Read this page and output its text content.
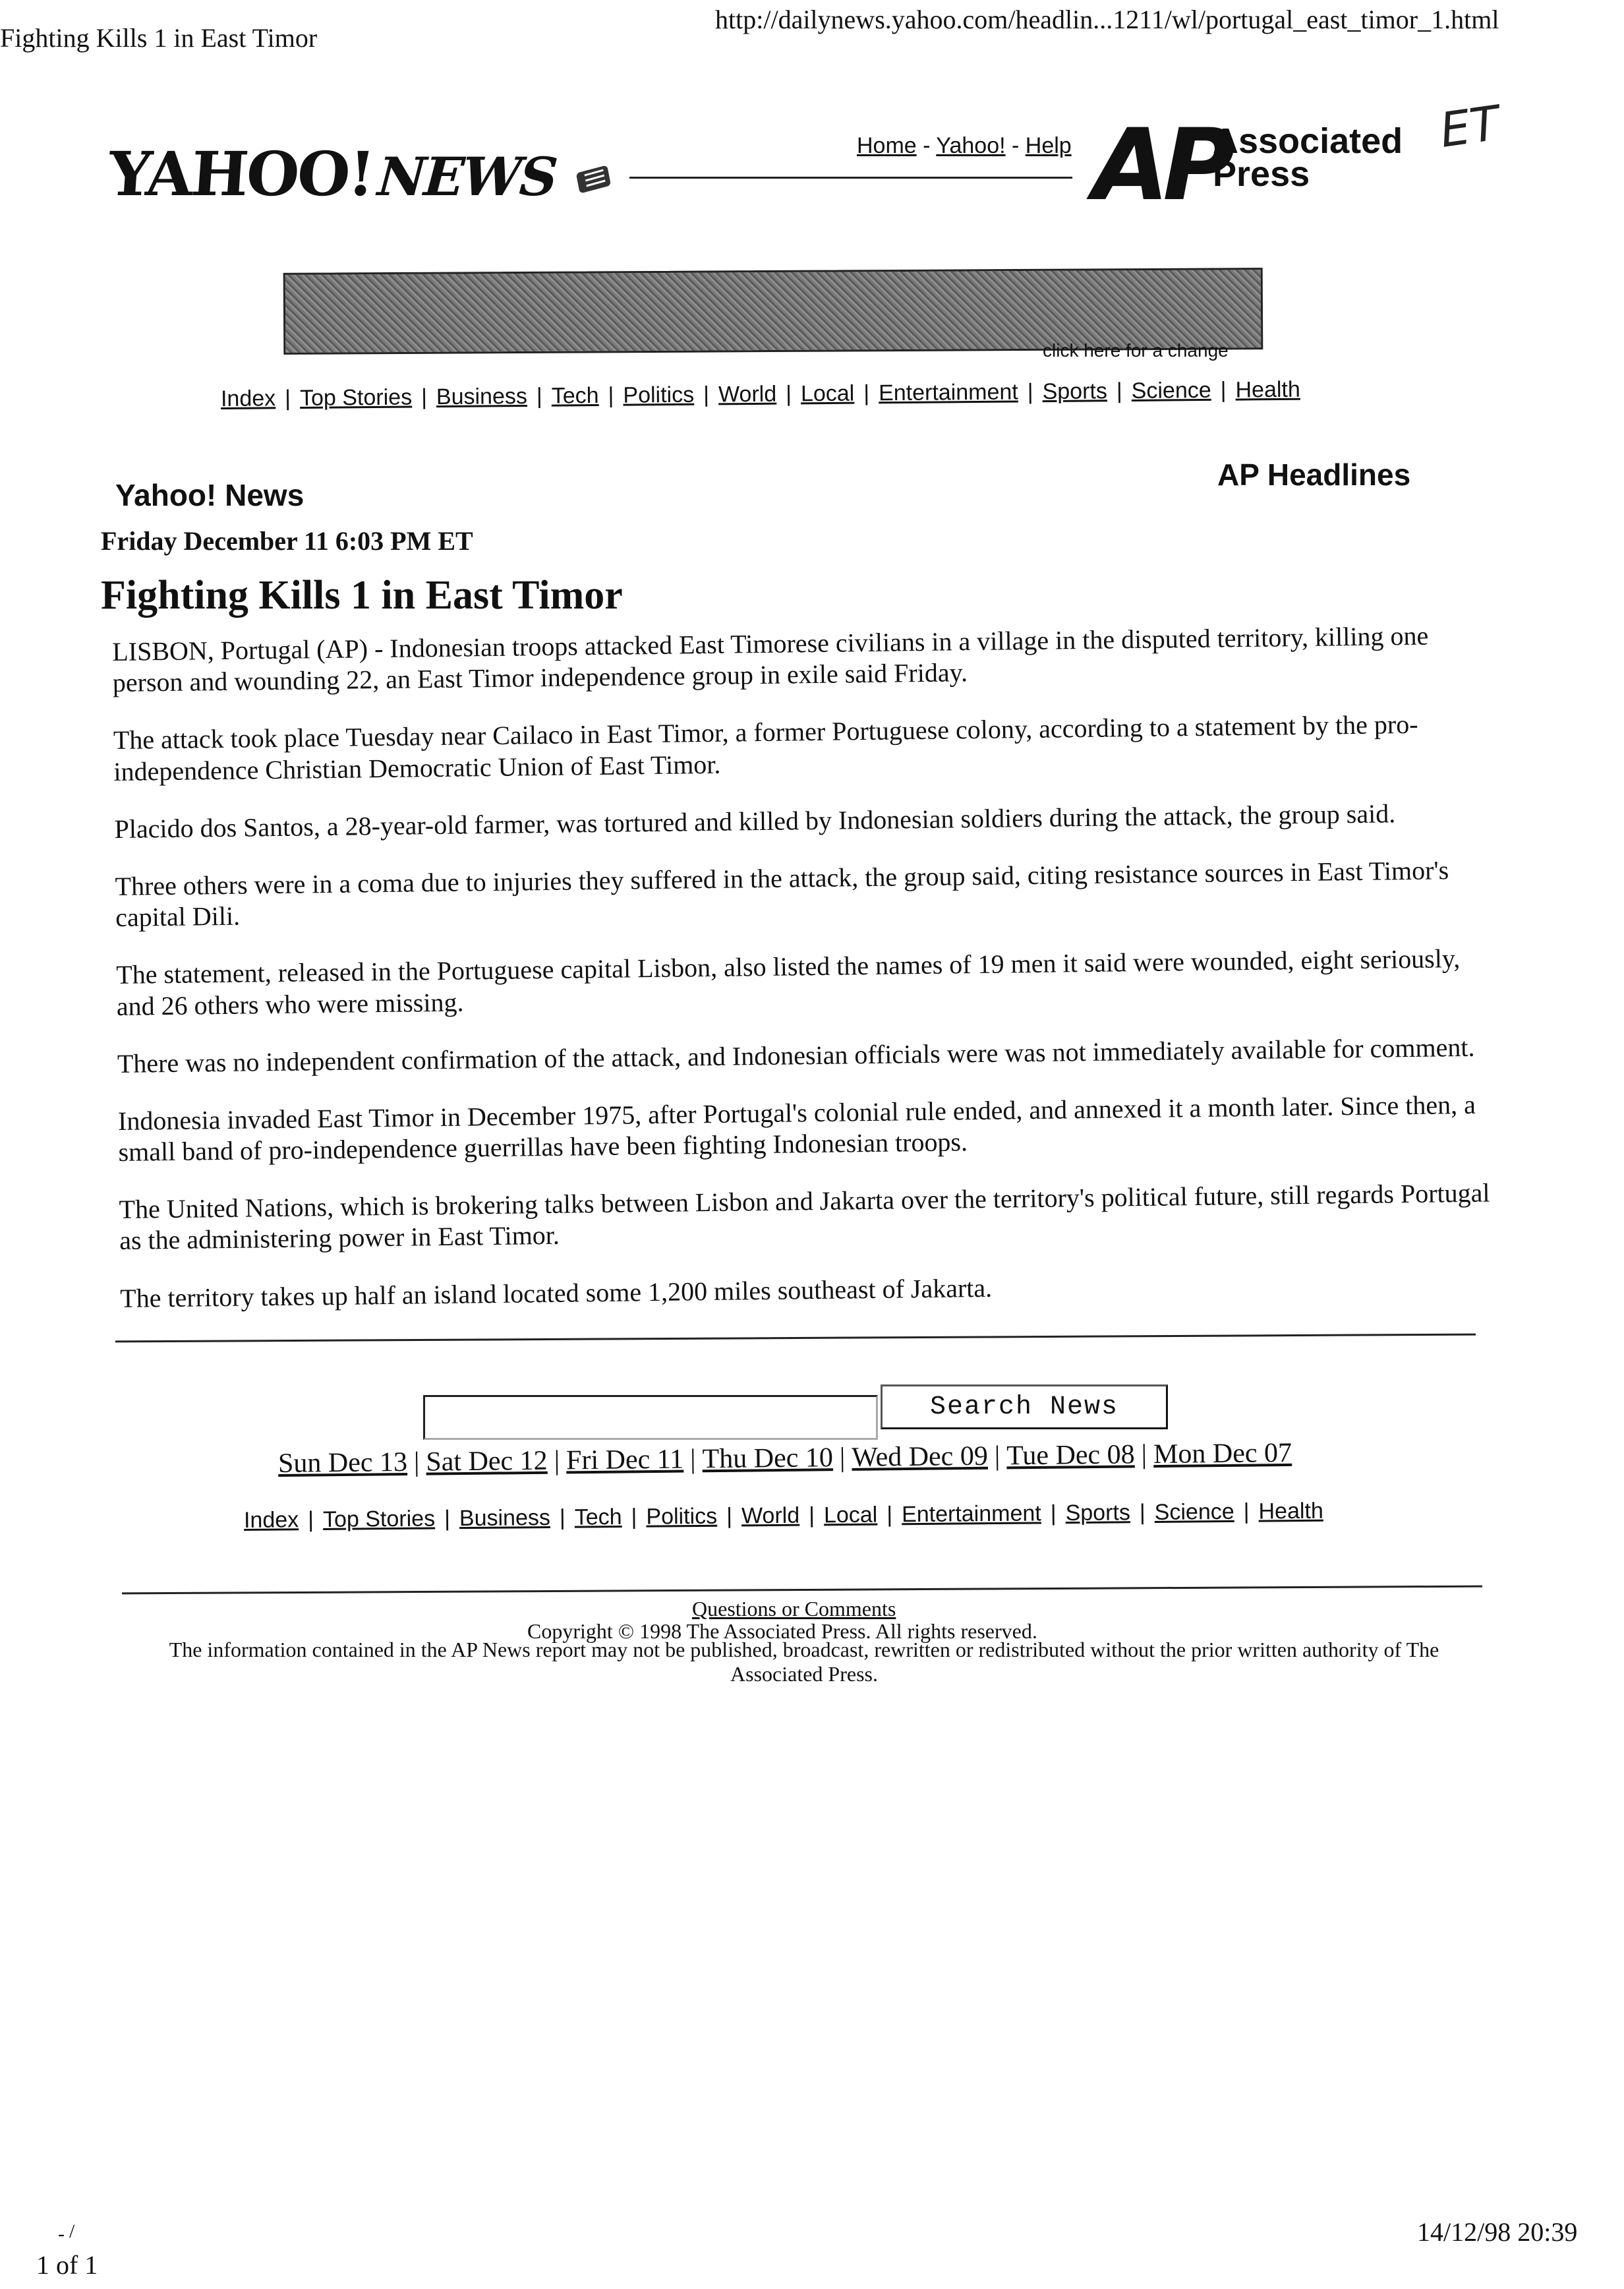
Fighting Kills 1 in East Timor
http://dailynews.yahoo.com/headlin...1211/wl/portugal_east_timor_1.html
YAHOO!NEWS	Home - Yahoo! - Help AP
Associated
Press
ET
click here for a change
Index | Top Stories | Business | Tech | Politics | World | Local | Entertainment | Sports | Science | Health
Yahoo! News
AP Headlines
Friday December 11 6:03 PM ET
Fighting Kills 1 in East Timor

LISBON, Portugal (AP) - Indonesian troops attacked East Timorese civilians in a village in the disputed territory, killing one person and wounding 22, an East Timor independence group in exile said Friday.

The attack took place Tuesday near Cailaco in East Timor, a former Portuguese colony, according to a statement by the pro-independence Christian Democratic Union of East Timor.

Placido dos Santos, a 28-year-old farmer, was tortured and killed by Indonesian soldiers during the attack, the group said.

Three others were in a coma due to injuries they suffered in the attack, the group said, citing resistance sources in East Timor's capital Dili.

The statement, released in the Portuguese capital Lisbon, also listed the names of 19 men it said were wounded, eight seriously, and 26 others who were missing.

There was no independent confirmation of the attack, and Indonesian officials were was not immediately available for comment.

Indonesia invaded East Timor in December 1975, after Portugal's colonial rule ended, and annexed it a month later. Since then, a small band of pro-independence guerrillas have been fighting Indonesian troops.

The United Nations, which is brokering talks between Lisbon and Jakarta over the territory's political future, still regards Portugal as the administering power in East Timor.

The territory takes up half an island located some 1,200 miles southeast of Jakarta.

Search News
Sun Dec 13 | Sat Dec 12 | Fri Dec 11 | Thu Dec 10 | Wed Dec 09 | Tue Dec 08 | Mon Dec 07
Index | Top Stories | Business | Tech | Politics | World | Local | Entertainment | Sports | Science | Health
Questions or Comments
Copyright © 1998 The Associated Press. All rights reserved.
The information contained in the AP News report may not be published, broadcast, rewritten or redistributed without the prior written authority of The Associated Press.
- /
1 of 1
14/12/98 20:39
